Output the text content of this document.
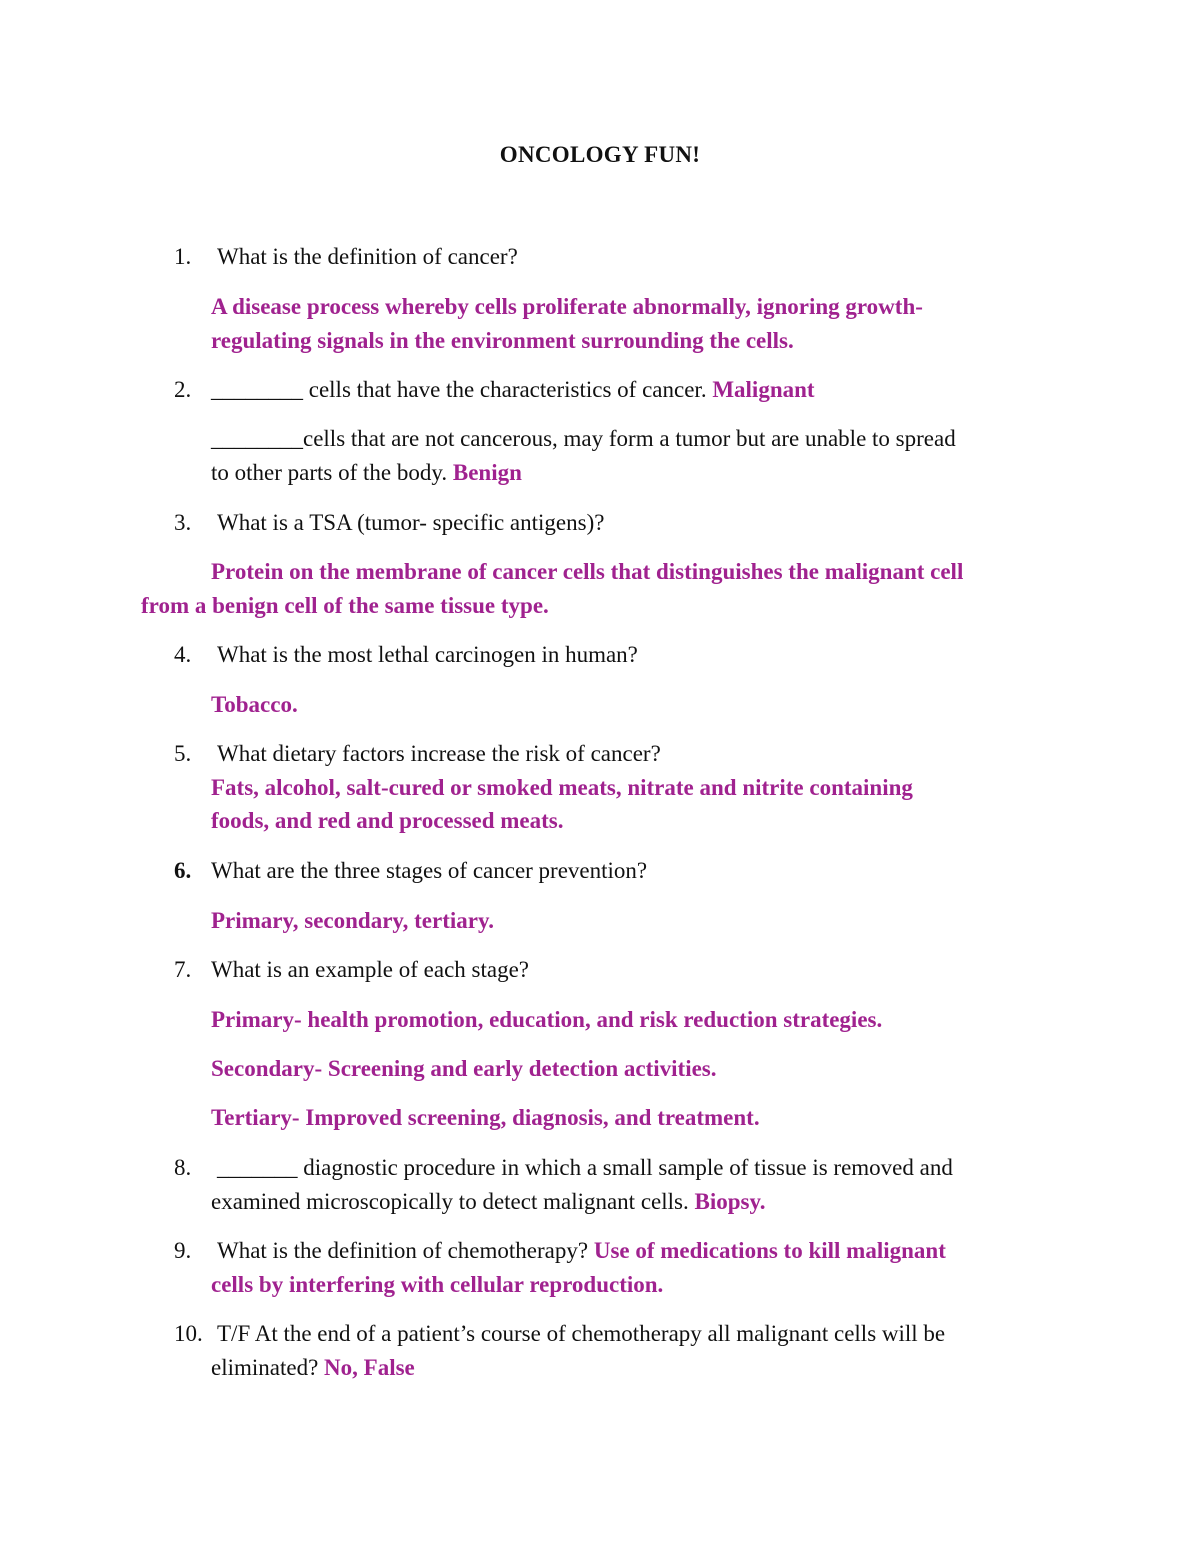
ONCOLOGY FUN!
1. What is the definition of cancer?
A disease process whereby cells proliferate abnormally, ignoring growth-
regulating signals in the environment surrounding the cells.
2. ________ cells that have the characteristics of cancer. Malignant
________cells that are not cancerous, may form a tumor but are unable to spread
to other parts of the body. Benign
3. What is a TSA (tumor- specific antigens)?
Protein on the membrane of cancer cells that distinguishes the malignant cell
from a benign cell of the same tissue type.
4. What is the most lethal carcinogen in human?
Tobacco.
5. What dietary factors increase the risk of cancer?
Fats, alcohol, salt-cured or smoked meats, nitrate and nitrite containing
foods, and red and processed meats.
6. What are the three stages of cancer prevention?
Primary, secondary, tertiary.
7. What is an example of each stage?
Primary- health promotion, education, and risk reduction strategies.
Secondary- Screening and early detection activities.
Tertiary- Improved screening, diagnosis, and treatment.
8. _______ diagnostic procedure in which a small sample of tissue is removed and
examined microscopically to detect malignant cells. Biopsy.
9. What is the definition of chemotherapy? Use of medications to kill malignant
cells by interfering with cellular reproduction.
10. T/F At the end of a patient’s course of chemotherapy all malignant cells will be
eliminated? No, False
